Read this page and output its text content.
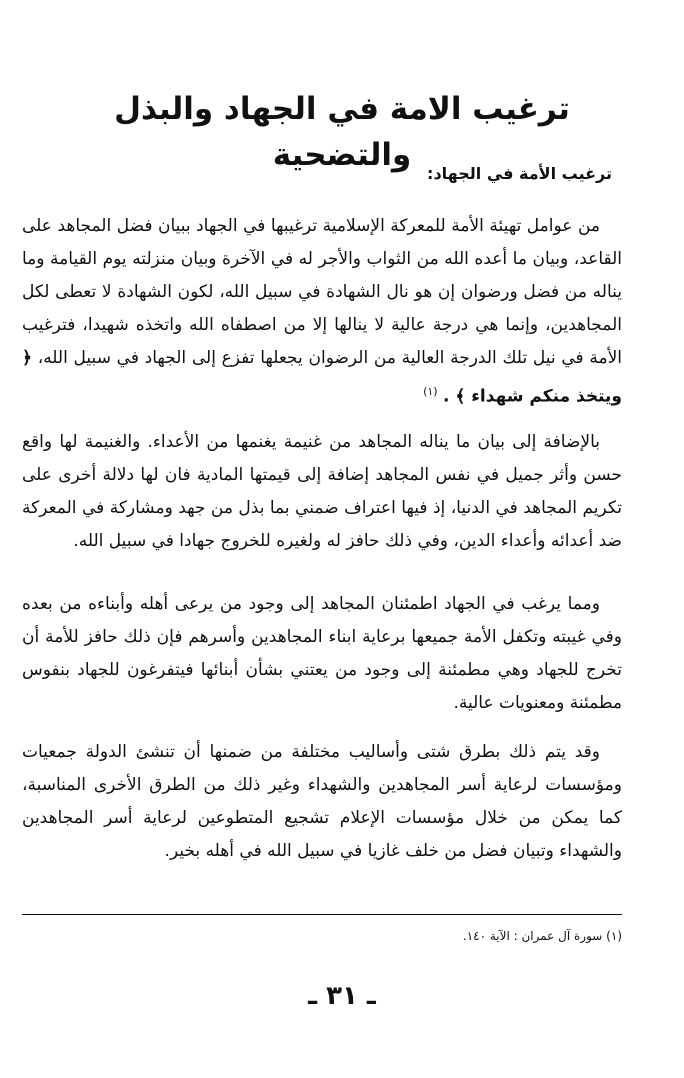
ترغيب الامة في الجهاد والبذل والتضحية
ترغيب الأمة في الجهاد:

من عوامل تهيئة الأمة للمعركة الإسلامية ترغيبها في الجهاد ببيان فضل المجاهد على القاعد، وبيان ما أعده الله من الثواب والأجر له في الآخرة وبيان منزلته يوم القيامة وما يناله من فضل ورضوان إن هو نال الشهادة في سبيل الله، لكون الشهادة لا تعطى لكل المجاهدين، وإنما هي درجة عالية لا ينالها إلا من اصطفاه الله واتخذه شهيدا، فترغيب الأمة في نيل تلك الدرجة العالية من الرضوان يجعلها تفزع إلى الجهاد في سبيل الله، ﴿ ويتخذ منكم شهداء ﴾ . $^{(١)}$

بالإضافة إلى بيان ما يناله المجاهد من غنيمة يغنمها من الأعداء. والغنيمة لها واقع حسن وأثر جميل في نفس المجاهد إضافة إلى قيمتها المادية فان لها دلالة أخرى على تكريم المجاهد في الدنيا، إذ فيها اعتراف ضمني بما بذل من جهد ومشاركة في المعركة ضد أعدائه وأعداء الدين، وفي ذلك حافز له ولغيره للخروج جهادا في سبيل الله.

ومما يرغب في الجهاد اطمئنان المجاهد إلى وجود من يرعى أهله وأبناءه من بعده وفي غيبته وتكفل الأمة جميعها برعاية ابناء المجاهدين وأسرهم فإن ذلك حافز للأمة أن تخرج للجهاد وهي مطمئنة إلى وجود من يعتني بشأن أبنائها فيتفرغون للجهاد بنفوس مطمئنة ومعنويات عالية.

وقد يتم ذلك بطرق شتى وأساليب مختلفة من ضمنها أن تنشئ الدولة جمعيات ومؤسسات لرعاية أسر المجاهدين والشهداء وغير ذلك من الطرق الأخرى المناسبة، كما يمكن من خلال مؤسسات الإعلام تشجيع المتطوعين لرعاية أسر المجاهدين والشهداء وتبيان فضل من خلف غازيا في سبيل الله في أهله بخير.

(١) سورة آل عمران : الآية ١٤٠.

ـ ٣١ ـ
